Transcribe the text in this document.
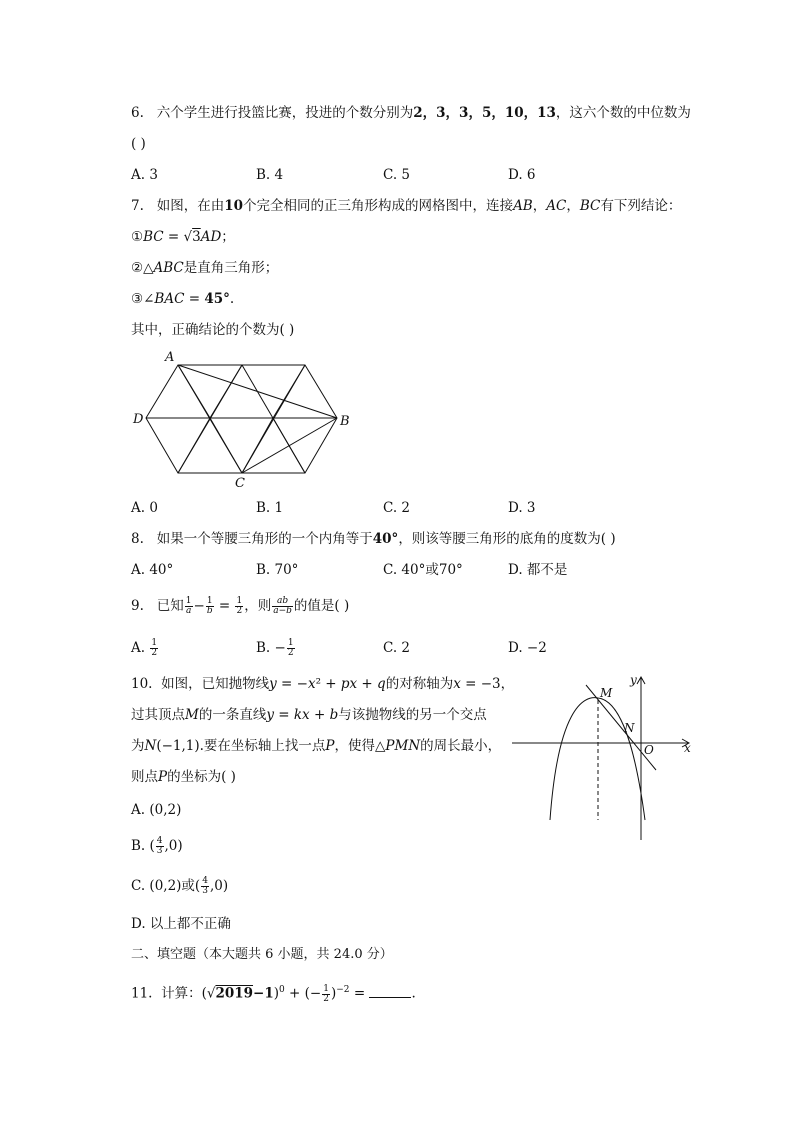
6. 六个学生进行投篮比赛，投进的个数分别为2，3，3，5，10，13，这六个数的中位数为
( )
A. 3	B. 4	C. 5	D. 6
7. 如图，在由10个完全相同的正三角形构成的网格图中，连接AB，AC，BC有下列结论：
①BC = √3AD；
②△ABC是直角三角形；
③∠BAC = 45°.
其中，正确结论的个数为( )
A
D	B
C
A. 0	B. 1	C. 2	D. 3
8. 如果一个等腰三角形的一个内角等于40°，则该等腰三角形的底角的度数为( )
A. 40°	B. 70°	C. 40°或70°	D. 都不是
9. 已知 $\frac{1}{a} - \frac{1}{b} = \frac{1}{2}$ ，则 $\frac{ab}{a-b}$ 的值是( )
A. $\frac{1}{2}$	B. − $\frac{1}{2}$	C. 2	D. −2
10.  如图，已知抛物线y = −x² + px + q的对称轴为x = −3，
过其顶点M的一条直线y = kx + b与该抛物线的另一个交点
为N(−1,1).要在坐标轴上找一点P，使得△PMN的周长最小，
则点P的坐标为( )
M
N
O	x
y
A. (0,2)
B. ( $\frac{4}{3} ,0$)
C. (0,2)或( $\frac{4}{3} ,0$)
D. 以上都不正确
二、填空题（本大题共 6 小题，共 24.0 分）
11.  计算：$(√2019-1)^0$ + (− $\frac{1}{2} )^{-2}$ =	.
